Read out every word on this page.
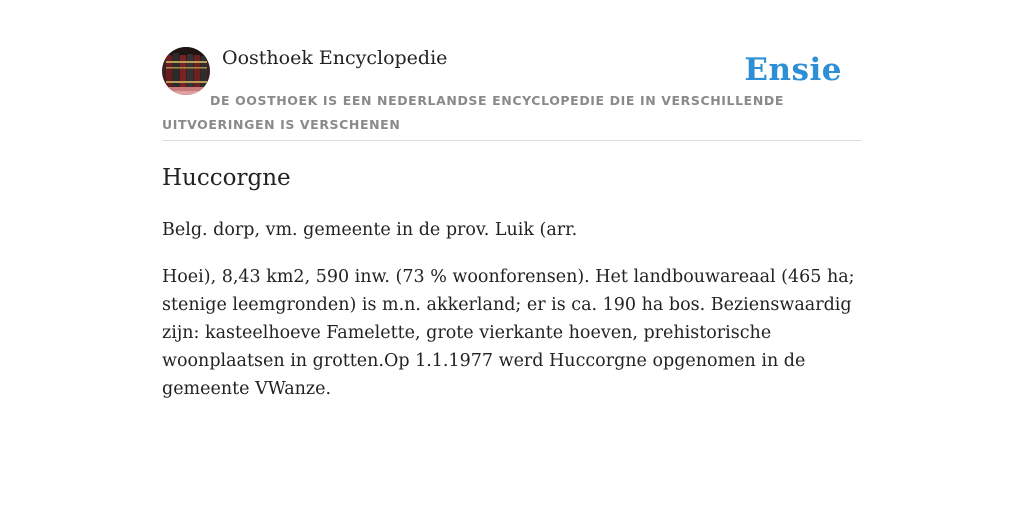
Oosthoek Encyclopedie	Ensie
DE OOSTHOEK IS EEN NEDERLANDSE ENCYCLOPEDIE DIE IN VERSCHILLENDE UITVOERINGEN IS VERSCHENEN
Huccorgne

Belg. dorp, vm. gemeente in de prov. Luik (arr.

Hoei), 8,43 km2, 590 inw. (73 % woonforensen). Het landbouwareaal (465 ha; stenige leemgronden) is m.n. akkerland; er is ca. 190 ha bos. Bezienswaardig zijn: kasteelhoeve Famelette, grote vierkante hoeven, prehistorische woonplaatsen in grotten.Op 1.1.1977 werd Huccorgne opgenomen in de gemeente VWanze.
